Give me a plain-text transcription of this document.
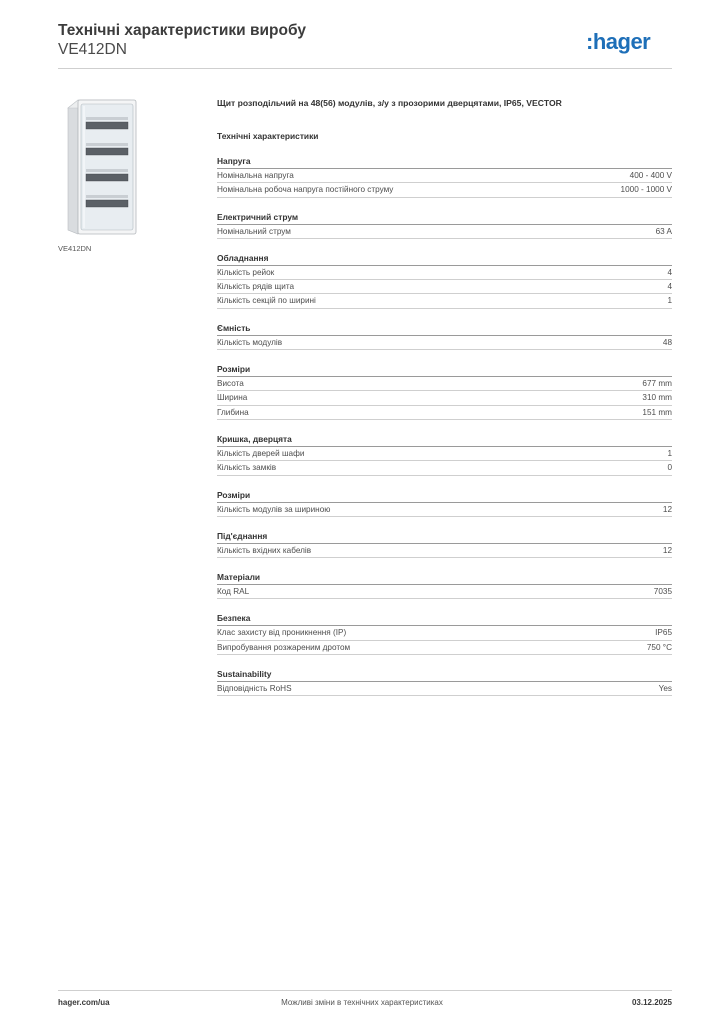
Технічні характеристики виробу
VE412DN	:hager
VE412DN
Щит розподільчий на 48(56) модулів, з/у з прозорими дверцятами, IP65, VECTOR
Технічні характеристики
Напруга
Номінальна напруга	400 - 400 V
Номінальна робоча напруга постійного струму	1000 - 1000 V
Електричний струм
Номінальний струм	63 A
Обладнання
Кількість рейок	4
Кількість рядів щита	4
Кількість секцій по ширині	1
Ємність
Кількість модулів	48
Розміри
Висота	677 mm
Ширина	310 mm
Глибина	151 mm
Кришка, дверцята
Кількість дверей шафи	1
Кількість замків	0
Розміри
Кількість модулів за шириною	12
Під'єднання
Кількість вхідних кабелів	12
Матеріали
Код RAL	7035
Безпека
Клас захисту від проникнення (IP)	IP65
Випробування розжареним дротом	750 °C
Sustainability
Відповідність RoHS	Yes
hager.com/ua	Можливі зміни в технічних характеристиках	03.12.2025
